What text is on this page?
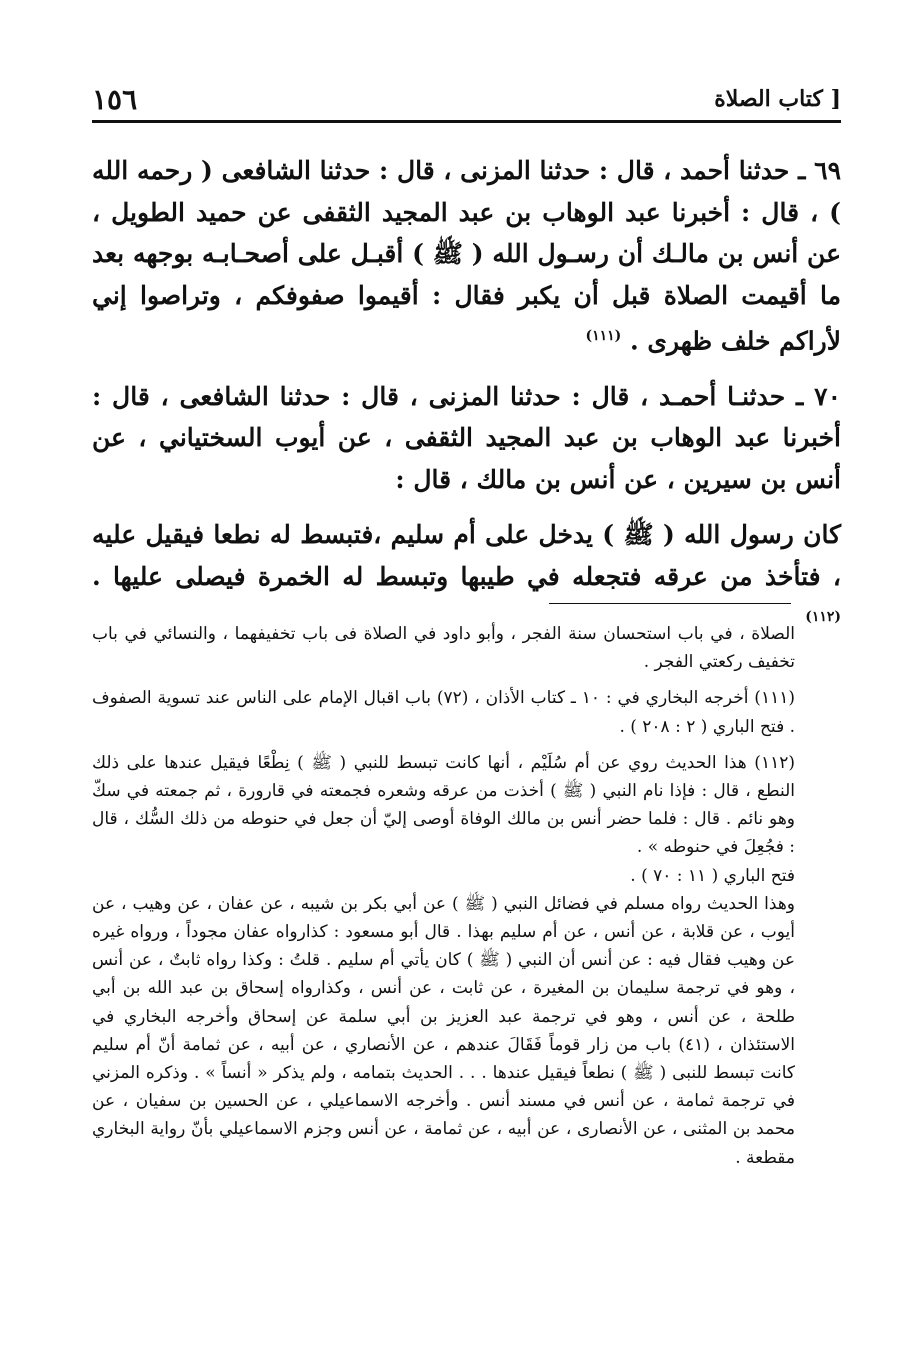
[ كتاب الصلاة
١٥٦

٦٩ ـ حدثنا أحمد ، قال : حدثنا المزنى ، قال : حدثنا الشافعى ( رحمه الله ) ، قال : أخبرنا عبد الوهاب بن عبد المجيد الثقفى عن حميد الطويل ، عن أنس بن مالـك أن رسـول الله ( ﷺ ) أقبـل على أصحـابـه بوجهه بعد ما أقيمت الصلاة قبل أن يكبر فقال : أقيموا صفوفكم ، وتراصوا إني لأراكم خلف ظهرى . $^{(١١١)}$

٧٠ ـ حدثنـا أحمـد ، قال : حدثنا المزنى ، قال : حدثنا الشافعى ، قال : أخبرنا عبد الوهاب بن عبد المجيد الثقفى ، عن أيوب السختياني ، عن أنس بن سيرين ، عن أنس بن مالك ، قال :

كان رسول الله ( ﷺ ) يدخل على أم سليم ،فتبسط له نطعا فيقيل عليه ، فتأخذ من عرقه فتجعله في طيبها وتبسط له الخمرة فيصلى عليها . $^{(١١٢)}$

الصلاة ، في باب استحسان سنة الفجر ، وأبو داود في الصلاة فى باب تخفيفهما ، والنسائي في باب تخفيف ركعتي الفجر .

(١١١) أخرجه البخاري في : ١٠ ـ كتاب الأذان ، (٧٢) باب اقبال الإمام على الناس عند تسوية الصفوف . فتح الباري ( ٢ : ٢٠٨ ) .

(١١٢) هذا الحديث روي عن أم سُلَيْم ، أنها كانت تبسط للنبي ( ﷺ ) نِطْعًا فيقيل عندها على ذلك النطع ، قال : فإذا نام النبي ( ﷺ ) أخذت من عرقه وشعره فجمعته في قارورة ، ثم جمعته في سكّ وهو نائم . قال : فلما حضر أنس بن مالك الوفاة أوصى إليّ أن جعل في حنوطه من ذلك السُّك ، قال : فجُعِلَ في حنوطه » .

فتح الباري ( ١١ : ٧٠ ) .

وهذا الحديث رواه مسلم في فضائل النبي ( ﷺ ) عن أبي بكر بن شيبه ، عن عفان ، عن وهيب ، عن أيوب ، عن قلابة ، عن أنس ، عن أم سليم بهذا . قال أبو مسعود : كذارواه عفان مجوداً ، ورواه غيره عن وهيب فقال فيه : عن أنس أن النبي ( ﷺ ) كان يأتي أم سليم . قلتُ : وكذا رواه ثابتٌ ، عن أنس ، وهو في ترجمة سليمان بن المغيرة ، عن ثابت ، عن أنس ، وكذارواه إسحاق بن عبد الله بن أبي طلحة ، عن أنس ، وهو في ترجمة عبد العزيز بن أبي سلمة عن إسحاق وأخرجه البخاري في الاستئذان ، (٤١) باب من زار قوماً فَقَالَ عندهم ، عن الأنصاري ، عن أبيه ، عن ثمامة أنّ أم سليم كانت تبسط للنبى ( ﷺ ) نطعاً فيقيل عندها . . . الحديث بتمامه ، ولم يذكر « أنساً » . وذكره المزني في ترجمة ثمامة ، عن أنس في مسند أنس . وأخرجه الاسماعيلي ، عن الحسين بن سفيان ، عن محمد بن المثنى ، عن الأنصارى ، عن أبيه ، عن ثمامة ، عن أنس وجزم الاسماعيلي بأنّ رواية البخاري مقطعة .
